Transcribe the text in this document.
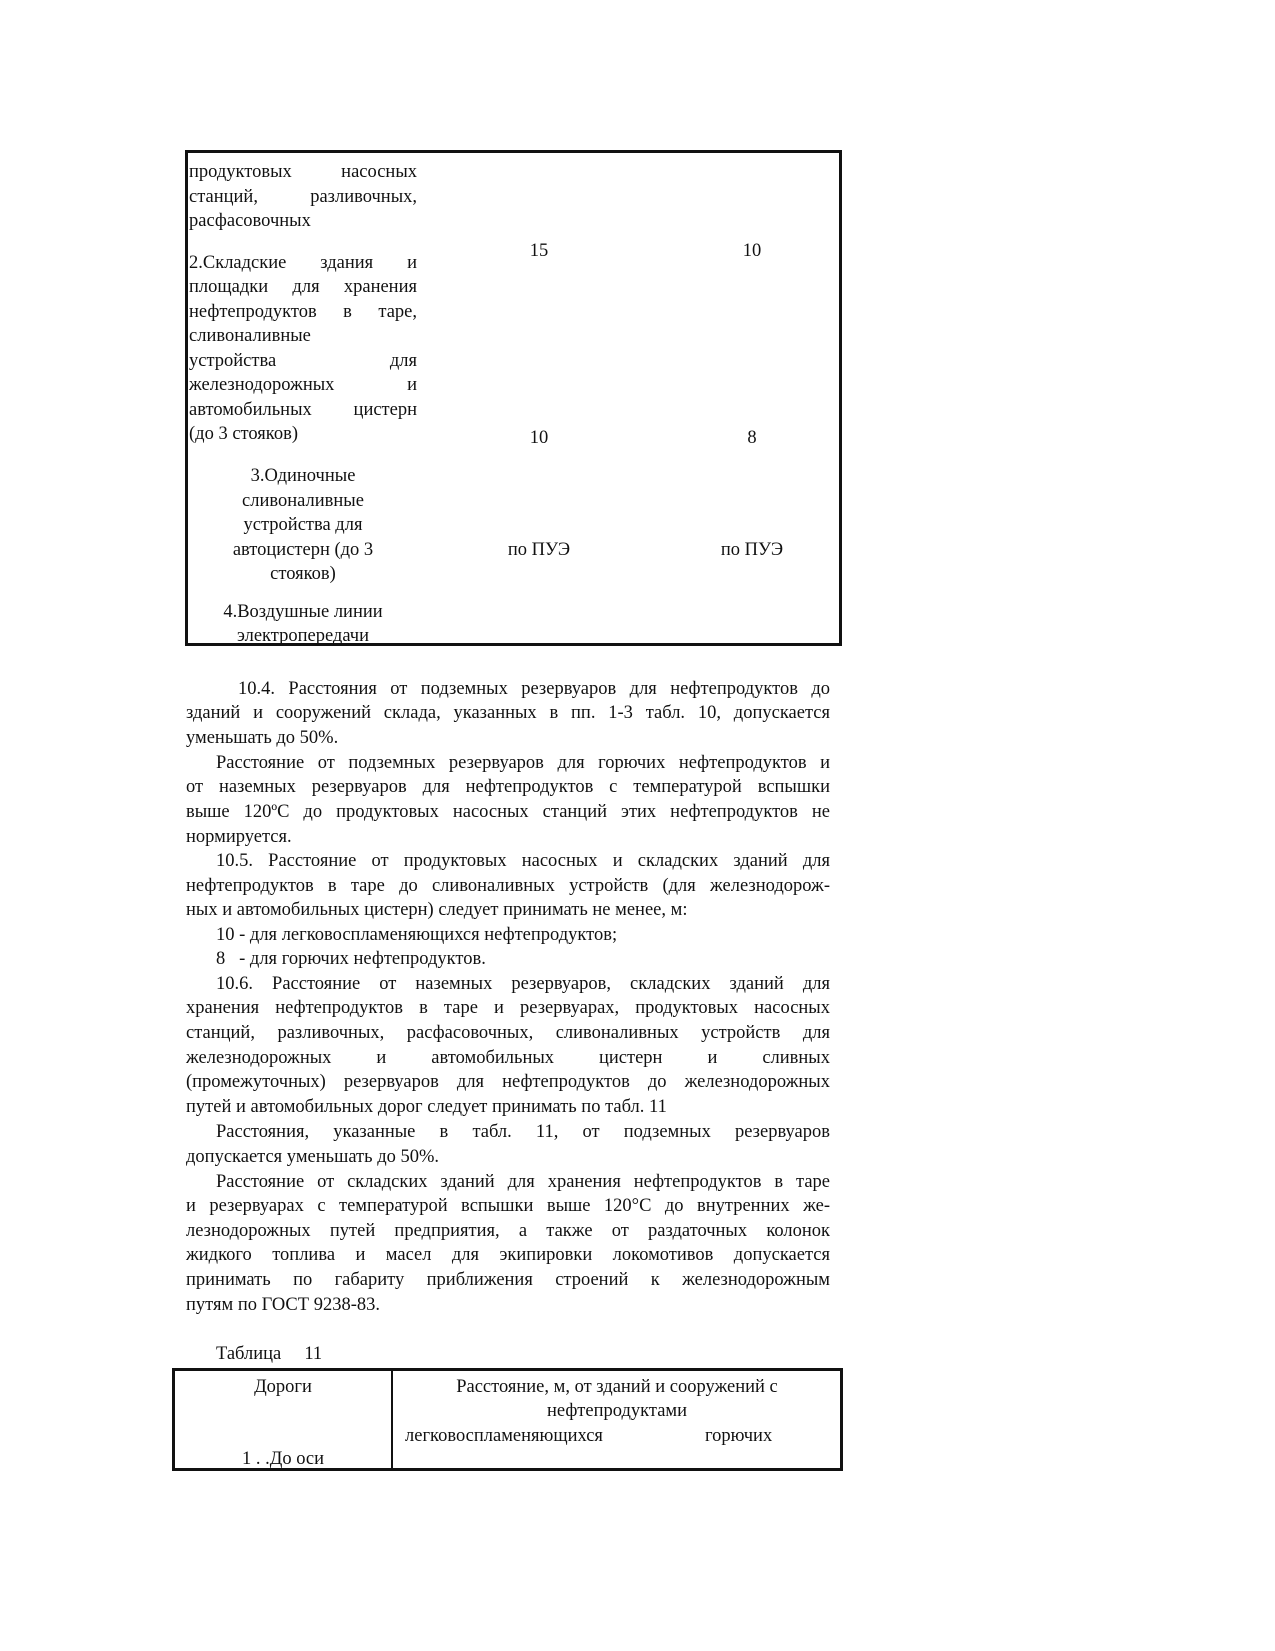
продуктовых насосных
станций, разливочных,
расфасовочных
2.Складские здания и
площадки для хранения
нефтепродуктов в таре,
сливоналивные
устройства для
железнодорожных и
автомобильных цистерн
(до 3 стояков)
3.Одиночные
сливоналивные
устройства для
автоцистерн (до 3
стояков)
4.Воздушные линии
электропередачи
15
10
по ПУЭ
10
8
по ПУЭ
10.4. Расстояния от подземных резервуаров для нефтепродуктов до
зданий и сооружений склада, указанных в пп. 1-3 табл. 10, допускается
уменьшать до 50%.
Расстояние от подземных резервуаров для горючих нефтепродуктов и
от наземных резервуаров для нефтепродуктов с температурой вспышки
выше 120ºС до продуктовых насосных станций этих нефтепродуктов не
нормируется.
10.5. Расстояние от продуктовых насосных и складских зданий для
нефтепродуктов в таре до сливоналивных устройств (для железнодорож-
ных и автомобильных цистерн) следует принимать не менее, м:
10 - для легковоспламеняющихся нефтепродуктов;
8   - для горючих нефтепродуктов.
10.6. Расстояние от наземных резервуаров, складских зданий для
хранения нефтепродуктов в таре и резервуарах, продуктовых насосных
станций, разливочных, расфасовочных, сливоналивных устройств для
железнодорожных и автомобильных цистерн и сливных
(промежуточных) резервуаров для нефтепродуктов до железнодорожных
путей и автомобильных дорог следует принимать по табл. 11
Расстояния, указанные в табл. 11, от подземных резервуаров
допускается уменьшать до 50%.
Расстояние от складских зданий для хранения нефтепродуктов в таре
и резервуарах с температурой вспышки выше 120°С до внутренних же-
лезнодорожных путей предприятия, а также от раздаточных колонок
жидкого топлива и масел для экипировки локомотивов допускается
принимать по габариту приближения строений к железнодорожным
путям по ГОСТ 9238-83.
Таблица     11
Дороги	Расстояние, м, от зданий и сооружений с
нефтепродуктами
легковоспламеняющихся	горючих
1 . .До оси
